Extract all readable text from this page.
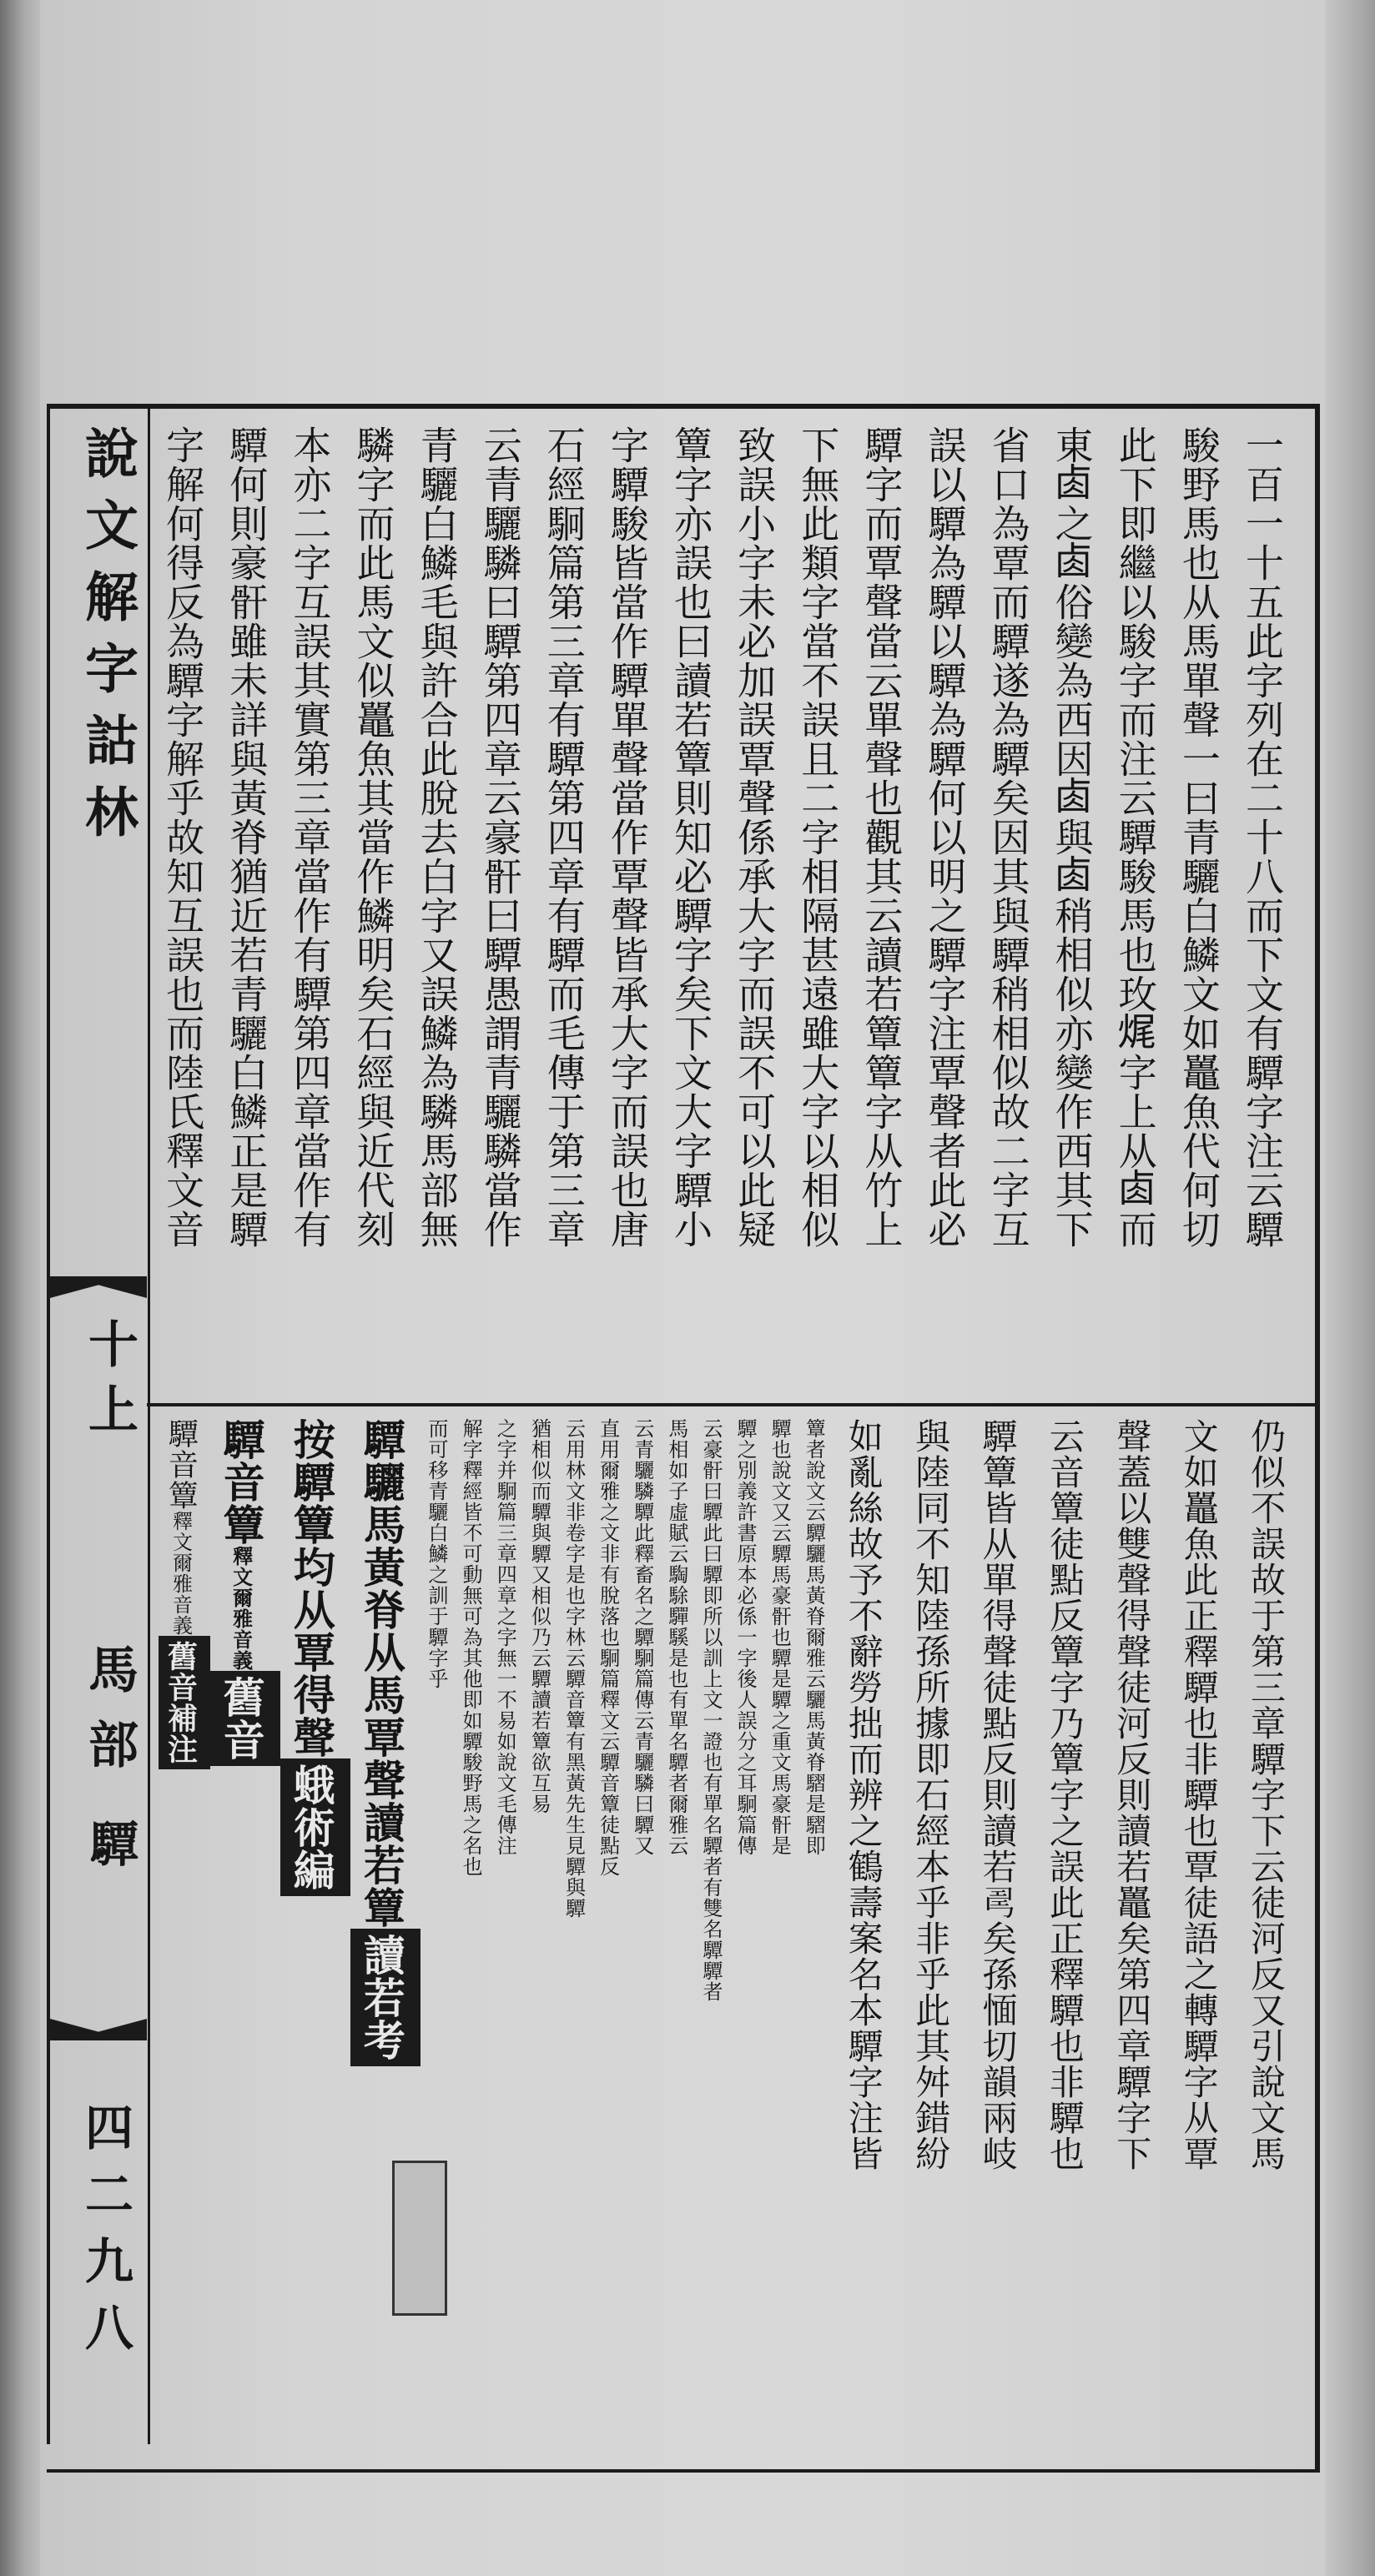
說文解字詁林
十上
馬部
驔
四二九八
一百一十五此字列在二十八而下文有驔字注云驔
駿野馬也从馬單聲一曰青驪白鱗文如鼉魚代何切
此下即繼以駿字而注云驔駿馬也玫𤈦字上从𠧪而
東𠧪之𠧪俗變為西因𠧪與𠧪稍相似亦變作西其下
省口為覃而驔遂為驔矣因其與驔稍相似故二字互
誤以驔為驔以驔為驔何以明之驔字注覃聲者此必
驔字而覃聲當云單聲也觀其云讀若簟簟字从竹上
下無此類字當不誤且二字相隔甚遠雖大字以相似
致誤小字未必加誤覃聲係承大字而誤不可以此疑
簟字亦誤也曰讀若簟則知必驔字矣下文大字驔小
字驔駿皆當作驔單聲當作覃聲皆承大字而誤也唐
石經駉篇第三章有驔第四章有驔而毛傳于第三章
云青驪驎曰驔第四章云豪骭曰驔愚謂青驪驎當作
青驪白鱗毛與許合此脫去白字又誤鱗為驎馬部無
驎字而此馬文似鼉魚其當作鱗明矣石經與近代刻
本亦二字互誤其實第三章當作有驔第四章當作有
驔何則豪骭雖未詳與黃脊猶近若青驪白鱗正是驔
字解何得反為驔字解乎故知互誤也而陸氏釋文音
仍似不誤故于第三章驔字下云徒河反又引說文馬
文如鼉魚此正釋驔也非驔也覃徒語之轉驔字从覃
聲蓋以雙聲得聲徒河反則讀若鼉矣第四章驔字下
云音簟徒點反簟字乃簟字之誤此正釋驔也非驔也
驔簟皆从單得聲徒點反則讀若𢏚矣孫愐切韻兩岐
與陸同不知陸孫所據即石經本乎非乎此其舛錯紛
如亂絲故予不辭勞拙而辨之鶴壽案名本驔字注皆
簟者說文云驔驪馬黃脊爾雅云驪馬黃脊騽是騽即
驔也說文又云驔馬豪骭也驔是驔之重文馬豪骭是
驔之別義許書原本必係一字後人誤分之耳駉篇傳
云豪骭曰驔此曰驔即所以訓上文一證也有單名驔者有雙名驔驔者
馬相如子虛賦云騊駼驒騱是也有單名驔者爾雅云
云青驪驎驔此釋畜名之驔駉篇傳云青驪驎曰驔又
直用爾雅之文非有脫落也駉篇釋文云驔音簟徒點反
云用林文非卷字是也字林云驔音簟有黑黃先生見驔與驔
猶相似而驔與驔又相似乃云驔讀若簟欲互易
之字并駉篇三章四章之字無一不易如說文毛傳注
解字釋經皆不可動無可為其他即如驔駿野馬之名也
而可移青驪白鱗之訓于驔字乎
驔驪馬黃脊从馬覃聲讀若簟讀若考
按驔簟均从覃得聲蛾術編
驔音簟釋文爾雅音義舊音
驔音簟釋文爾雅音義舊音補注
